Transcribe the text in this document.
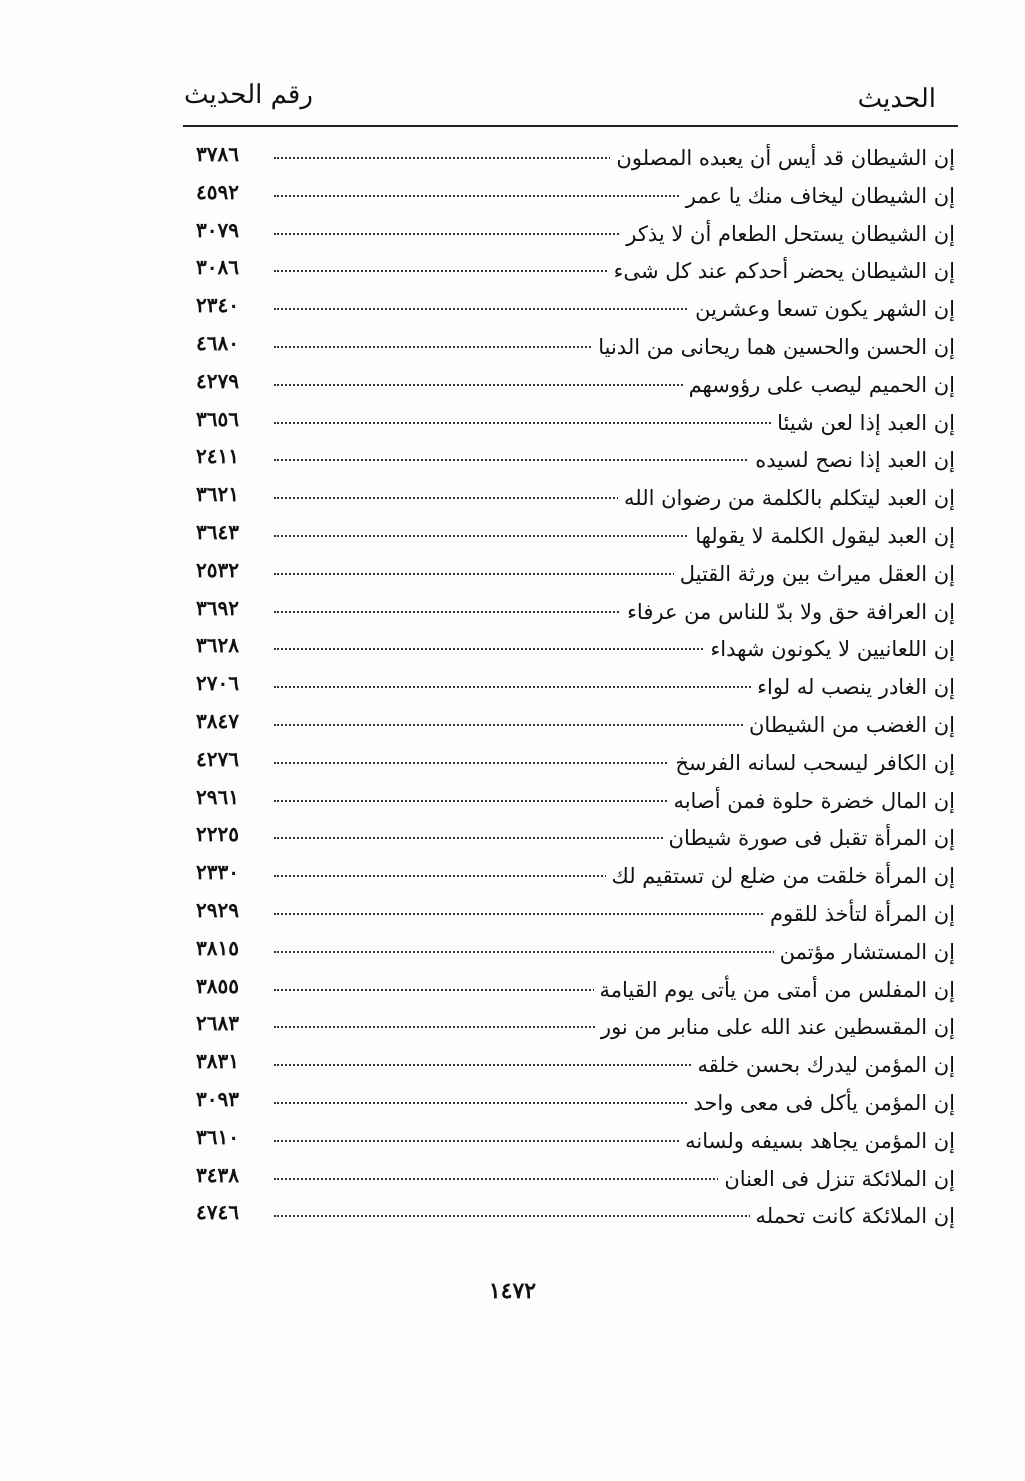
الحديث
رقم الحديث
إن الشيطان قد أيس أن يعبده المصلون
٣٧٨٦
إن الشيطان ليخاف منك يا عمر
٤٥٩٢
إن الشيطان يستحل الطعام أن لا يذكر
٣٠٧٩
إن الشيطان يحضر أحدكم عند كل شىء
٣٠٨٦
إن الشهر يكون تسعا وعشرين
٢٣٤٠
إن الحسن والحسين هما ريحانى من الدنيا
٤٦٨٠
إن الحميم ليصب على رؤوسهم
٤٢٧٩
إن العبد إذا لعن شيئا
٣٦٥٦
إن العبد إذا نصح لسيده
٢٤١١
إن العبد ليتكلم بالكلمة من رضوان الله
٣٦٢١
إن العبد ليقول الكلمة لا يقولها
٣٦٤٣
إن العقل ميراث بين ورثة القتيل
٢٥٣٢
إن العرافة حق ولا بدّ للناس من عرفاء
٣٦٩٢
إن اللعانيين لا يكونون شهداء
٣٦٢٨
إن الغادر ينصب له لواء
٢٧٠٦
إن الغضب من الشيطان
٣٨٤٧
إن الكافر ليسحب لسانه الفرسخ
٤٢٧٦
إن المال خضرة حلوة فمن أصابه
٢٩٦١
إن المرأة تقبل فى صورة شيطان
٢٢٢٥
إن المرأة خلقت من ضلع لن تستقيم لك
٢٣٣٠
إن المرأة لتأخذ للقوم
٢٩٢٩
إن المستشار مؤتمن
٣٨١٥
إن المفلس من أمتى من يأتى يوم القيامة
٣٨٥٥
إن المقسطين عند الله على منابر من نور
٢٦٨٣
إن المؤمن ليدرك بحسن خلقه
٣٨٣١
إن المؤمن يأكل فى معى واحد
٣٠٩٣
إن المؤمن يجاهد بسيفه ولسانه
٣٦١٠
إن الملائكة تنزل فى العنان
٣٤٣٨
إن الملائكة كانت تحمله
٤٧٤٦
١٤٧٢
